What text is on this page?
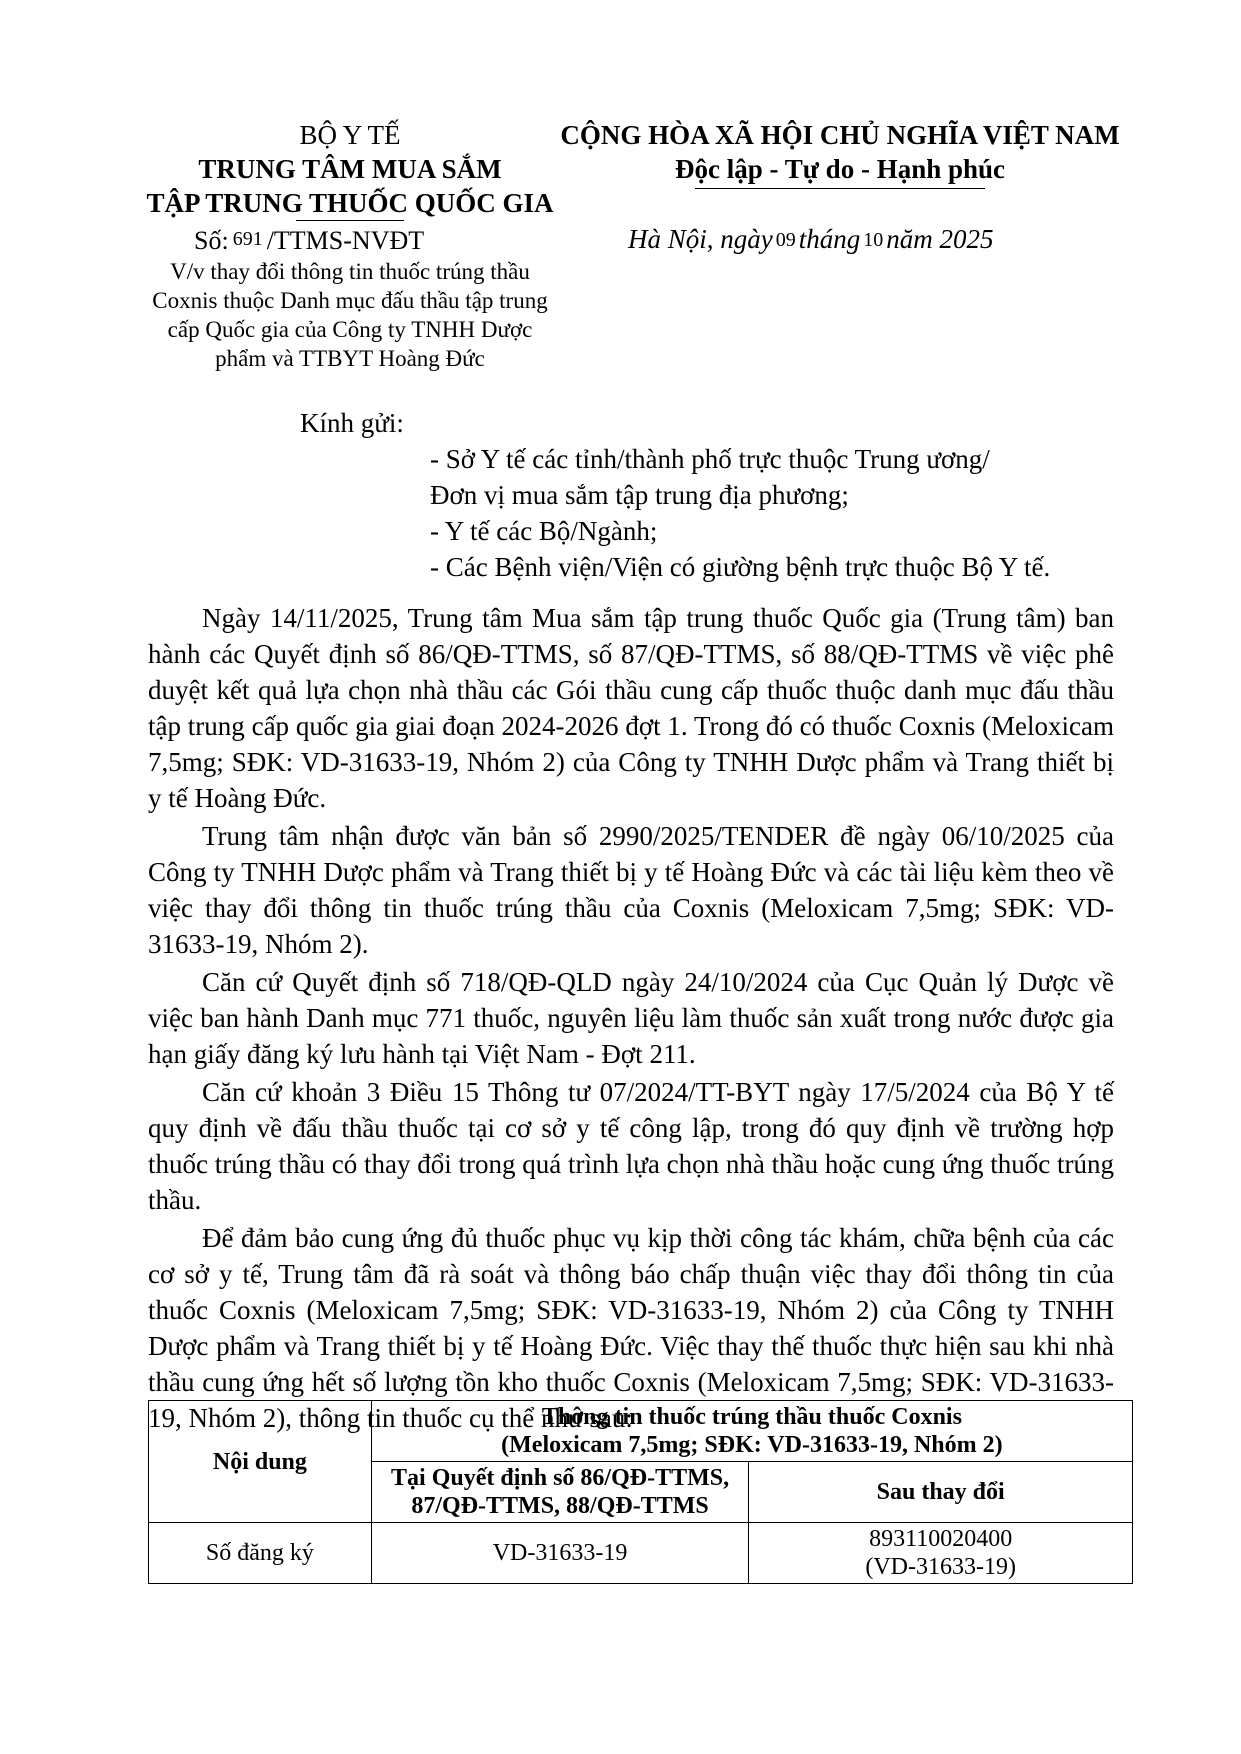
BỘ Y TẾ
TRUNG TÂM MUA SẮM
TẬP TRUNG THUỐC QUỐC GIA
CỘNG HÒA XÃ HỘI CHỦ NGHĨA VIỆT NAM
Độc lập - Tự do - Hạnh phúc
Số: 691 /TTMS-NVĐT	Hà Nội, ngày 09 tháng 10 năm 2025
V/v thay đổi thông tin thuốc trúng thầu
Coxnis thuộc Danh mục đấu thầu tập trung
cấp Quốc gia của Công ty TNHH Dược
phẩm và TTBYT Hoàng Đức
Kính gửi:
- Sở Y tế các tỉnh/thành phố trực thuộc Trung ương/
Đơn vị mua sắm tập trung địa phương;
- Y tế các Bộ/Ngành;
- Các Bệnh viện/Viện có giường bệnh trực thuộc Bộ Y tế.

Ngày 14/11/2025, Trung tâm Mua sắm tập trung thuốc Quốc gia (Trung tâm) ban hành các Quyết định số 86/QĐ-TTMS, số 87/QĐ-TTMS, số 88/QĐ-TTMS về việc phê duyệt kết quả lựa chọn nhà thầu các Gói thầu cung cấp thuốc thuộc danh mục đấu thầu tập trung cấp quốc gia giai đoạn 2024-2026 đợt 1. Trong đó có thuốc Coxnis (Meloxicam 7,5mg; SĐK: VD-31633-19, Nhóm 2) của Công ty TNHH Dược phẩm và Trang thiết bị y tế Hoàng Đức.

Trung tâm nhận được văn bản số 2990/2025/TENDER đề ngày 06/10/2025 của Công ty TNHH Dược phẩm và Trang thiết bị y tế Hoàng Đức và các tài liệu kèm theo về việc thay đổi thông tin thuốc trúng thầu của Coxnis (Meloxicam 7,5mg; SĐK: VD-31633-19, Nhóm 2).

Căn cứ Quyết định số 718/QĐ-QLD ngày 24/10/2024 của Cục Quản lý Dược về việc ban hành Danh mục 771 thuốc, nguyên liệu làm thuốc sản xuất trong nước được gia hạn giấy đăng ký lưu hành tại Việt Nam - Đợt 211.

Căn cứ khoản 3 Điều 15 Thông tư 07/2024/TT-BYT ngày 17/5/2024 của Bộ Y tế quy định về đấu thầu thuốc tại cơ sở y tế công lập, trong đó quy định về trường hợp thuốc trúng thầu có thay đổi trong quá trình lựa chọn nhà thầu hoặc cung ứng thuốc trúng thầu.

Để đảm bảo cung ứng đủ thuốc phục vụ kịp thời công tác khám, chữa bệnh của các cơ sở y tế, Trung tâm đã rà soát và thông báo chấp thuận việc thay đổi thông tin của thuốc Coxnis (Meloxicam 7,5mg; SĐK: VD-31633-19, Nhóm 2) của Công ty TNHH Dược phẩm và Trang thiết bị y tế Hoàng Đức. Việc thay thế thuốc thực hiện sau khi nhà thầu cung ứng hết số lượng tồn kho thuốc Coxnis (Meloxicam 7,5mg; SĐK: VD-31633-19, Nhóm 2), thông tin thuốc cụ thể như sau:

Nội dung	Thông tin thuốc trúng thầu thuốc Coxnis
(Meloxicam 7,5mg; SĐK: VD-31633-19, Nhóm 2)	

	Tại Quyết định số 86/QĐ-TTMS,
87/QĐ-TTMS, 88/QĐ-TTMS	Sau thay đổi
Số đăng ký	VD-31633-19	893110020400
(VD-31633-19)
